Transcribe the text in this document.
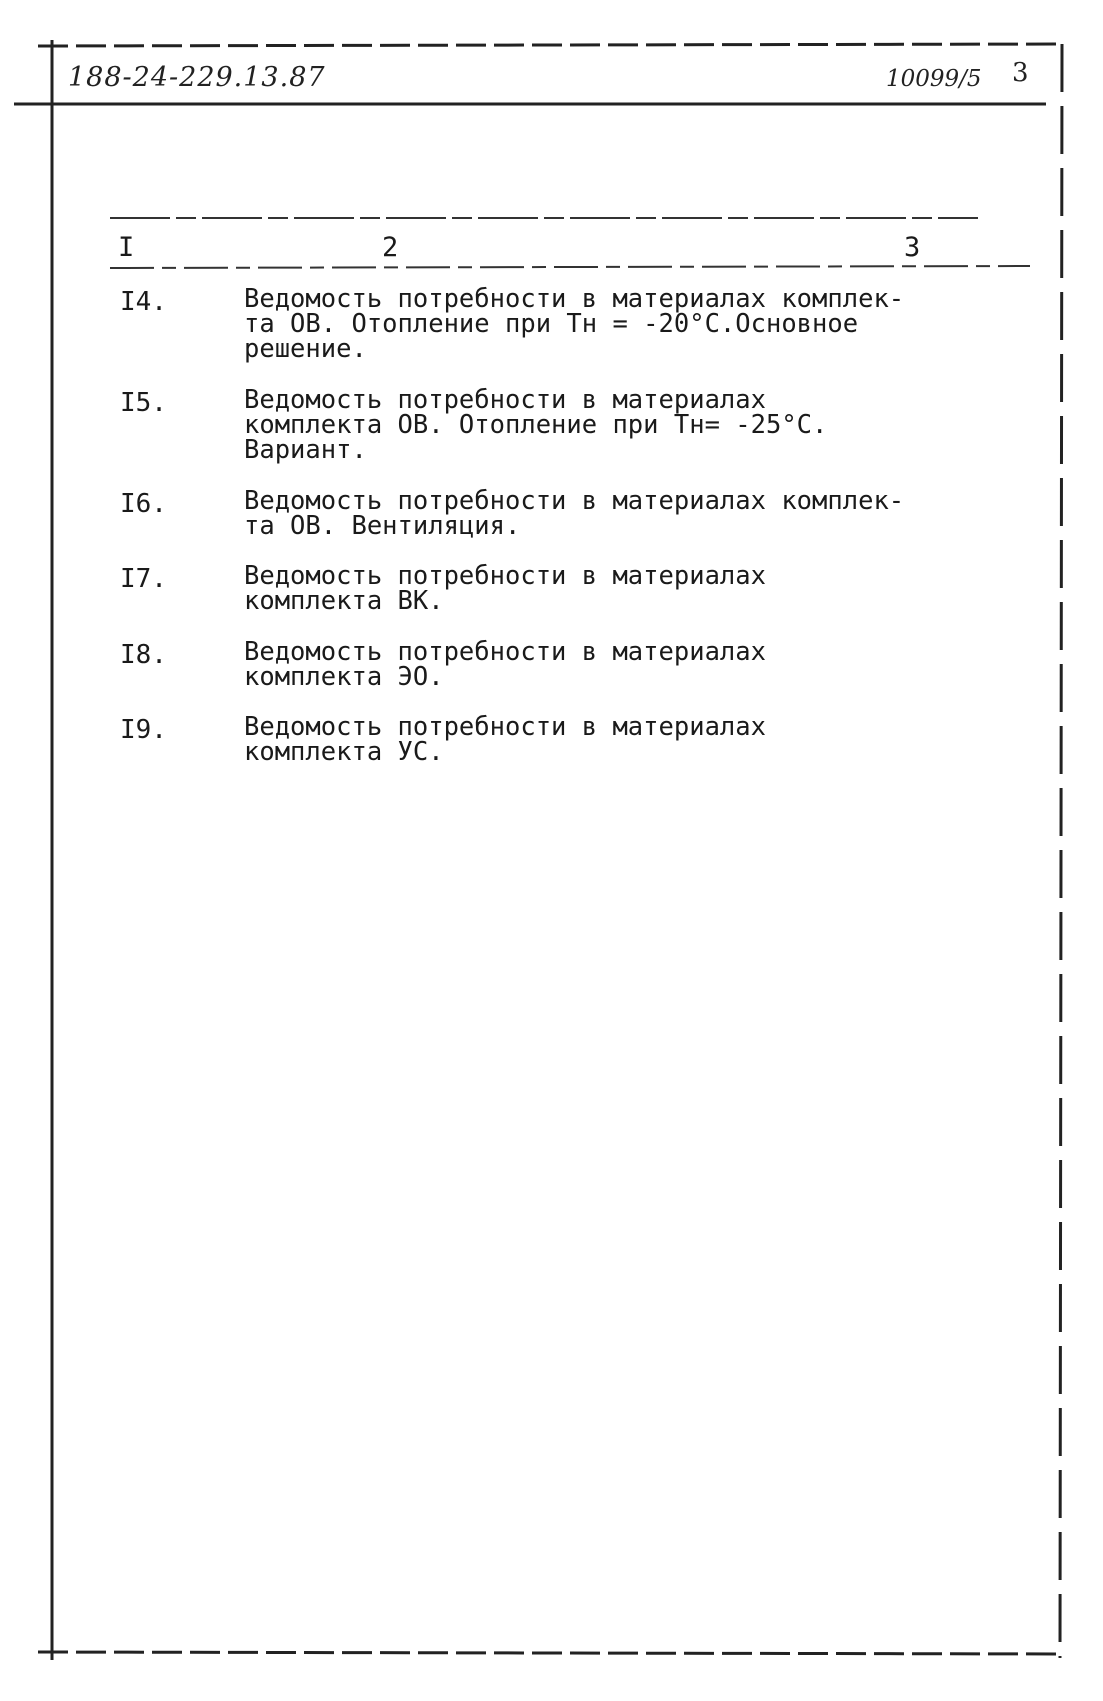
188-24-229.13.87	10099/5 3
I	2	3
I4.	Ведомость потребности в материалах комплек-
та ОВ. Отопление при Тн = -20°С.Основное
решение.
I5.	Ведомость потребности в материалах
комплекта ОВ. Отопление при Тн= -25°С.
Вариант.
I6.	Ведомость потребности в материалах комплек-
та ОВ. Вентиляция.
I7.	Ведомость потребности в материалах
комплекта ВК.
I8.	Ведомость потребности в материалах
комплекта ЭО.
I9.	Ведомость потребности в материалах
комплекта УС.
